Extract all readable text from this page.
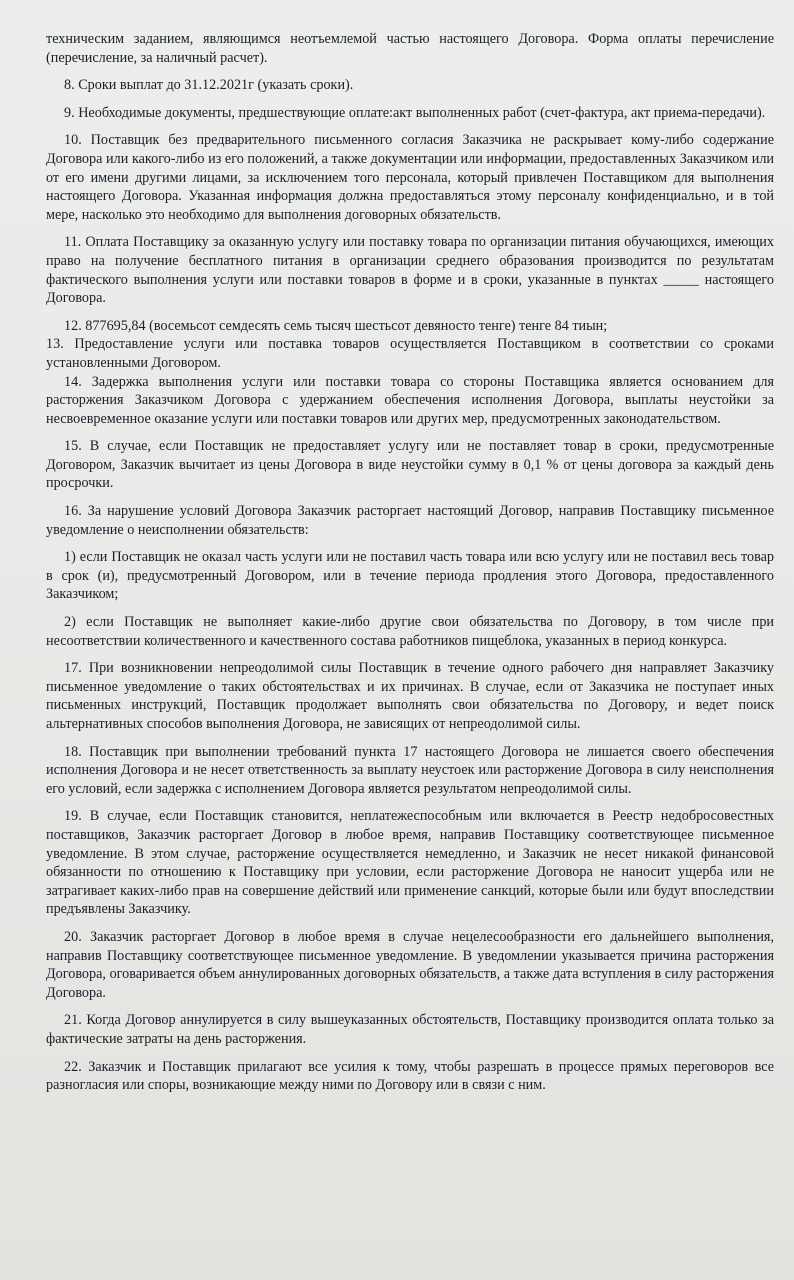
техническим заданием, являющимся неотъемлемой частью настоящего Договора. Форма оплаты перечисление (перечисление, за наличный расчет).

8. Сроки выплат до 31.12.2021г (указать сроки).

9. Необходимые документы, предшествующие оплате:акт выполненных работ (счет-фактура, акт приема-передачи).

10. Поставщик без предварительного письменного согласия Заказчика не раскрывает кому-либо содержание Договора или какого-либо из его положений, а также документации или информации, предоставленных Заказчиком или от его имени другими лицами, за исключением того персонала, который привлечен Поставщиком для выполнения настоящего Договора. Указанная информация должна предоставляться этому персоналу конфиденциально, и в той мере, насколько это необходимо для выполнения договорных обязательств.

11. Оплата Поставщику за оказанную услугу или поставку товара по организации питания обучающихся, имеющих право на получение бесплатного питания в организации среднего образования производится по результатам фактического выполнения услуги или поставки товаров в форме и в сроки, указанные в пунктах _____ настоящего Договора.

12. 877695,84 (восемьсот семдесять семь тысяч шестьсот девяносто тенге) тенге 84 тиын;

13. Предоставление услуги или поставка товаров осуществляется Поставщиком в соответствии со сроками установленными Договором.

14. Задержка выполнения услуги или поставки товара со стороны Поставщика является основанием для расторжения Заказчиком Договора с удержанием обеспечения исполнения Договора, выплаты неустойки за несвоевременное оказание услуги или поставки товаров или других мер, предусмотренных законодательством.

15. В случае, если Поставщик не предоставляет услугу или не поставляет товар в сроки, предусмотренные Договором, Заказчик вычитает из цены Договора в виде неустойки сумму в 0,1 % от цены договора за каждый день просрочки.

16. За нарушение условий Договора Заказчик расторгает настоящий Договор, направив Поставщику письменное уведомление о неисполнении обязательств:

1) если Поставщик не оказал часть услуги или не поставил часть товара или всю услугу или не поставил весь товар в срок (и), предусмотренный Договором, или в течение периода продления этого Договора, предоставленного Заказчиком;

2) если Поставщик не выполняет какие-либо другие свои обязательства по Договору, в том числе при несоответствии количественного и качественного состава работников пищеблока, указанных в период конкурса.

17. При возникновении непреодолимой силы Поставщик в течение одного рабочего дня направляет Заказчику письменное уведомление о таких обстоятельствах и их причинах. В случае, если от Заказчика не поступает иных письменных инструкций, Поставщик продолжает выполнять свои обязательства по Договору, и ведет поиск альтернативных способов выполнения Договора, не зависящих от непреодолимой силы.

18. Поставщик при выполнении требований пункта 17 настоящего Договора не лишается своего обеспечения исполнения Договора и не несет ответственность за выплату неустоек или расторжение Договора в силу неисполнения его условий, если задержка с исполнением Договора является результатом непреодолимой силы.

19. В случае, если Поставщик становится, неплатежеспособным или включается в Реестр недобросовестных поставщиков, Заказчик расторгает Договор в любое время, направив Поставщику соответствующее письменное уведомление. В этом случае, расторжение осуществляется немедленно, и Заказчик не несет никакой финансовой обязанности по отношению к Поставщику при условии, если расторжение Договора не наносит ущерба или не затрагивает каких-либо прав на совершение действий или применение санкций, которые были или будут впоследствии предъявлены Заказчику.

20. Заказчик расторгает Договор в любое время в случае нецелесообразности его дальнейшего выполнения, направив Поставщику соответствующее письменное уведомление. В уведомлении указывается причина расторжения Договора, оговаривается объем аннулированных договорных обязательств, а также дата вступления в силу расторжения Договора.

21. Когда Договор аннулируется в силу вышеуказанных обстоятельств, Поставщику производится оплата только за фактические затраты на день расторжения.

22. Заказчик и Поставщик прилагают все усилия к тому, чтобы разрешать в процессе прямых переговоров все разногласия или споры, возникающие между ними по Договору или в связи с ним.
